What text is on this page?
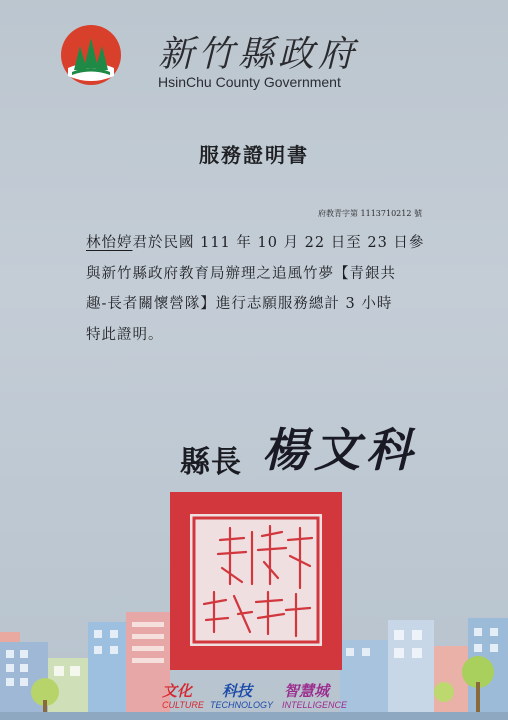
新竹縣政府
HsinChu County Government
服務證明書
府教青字第 1113710212 號
林怡婷君於民國 111 年 10 月 22 日至 23 日參
與新竹縣政府教育局辦理之追風竹夢【青銀共
趣-長者關懷營隊】進行志願服務總計 3 小時
特此證明。
縣長 楊文科
文化
CULTURE
科技
TECHNOLOGY
智慧城
INTELLIGENCE
